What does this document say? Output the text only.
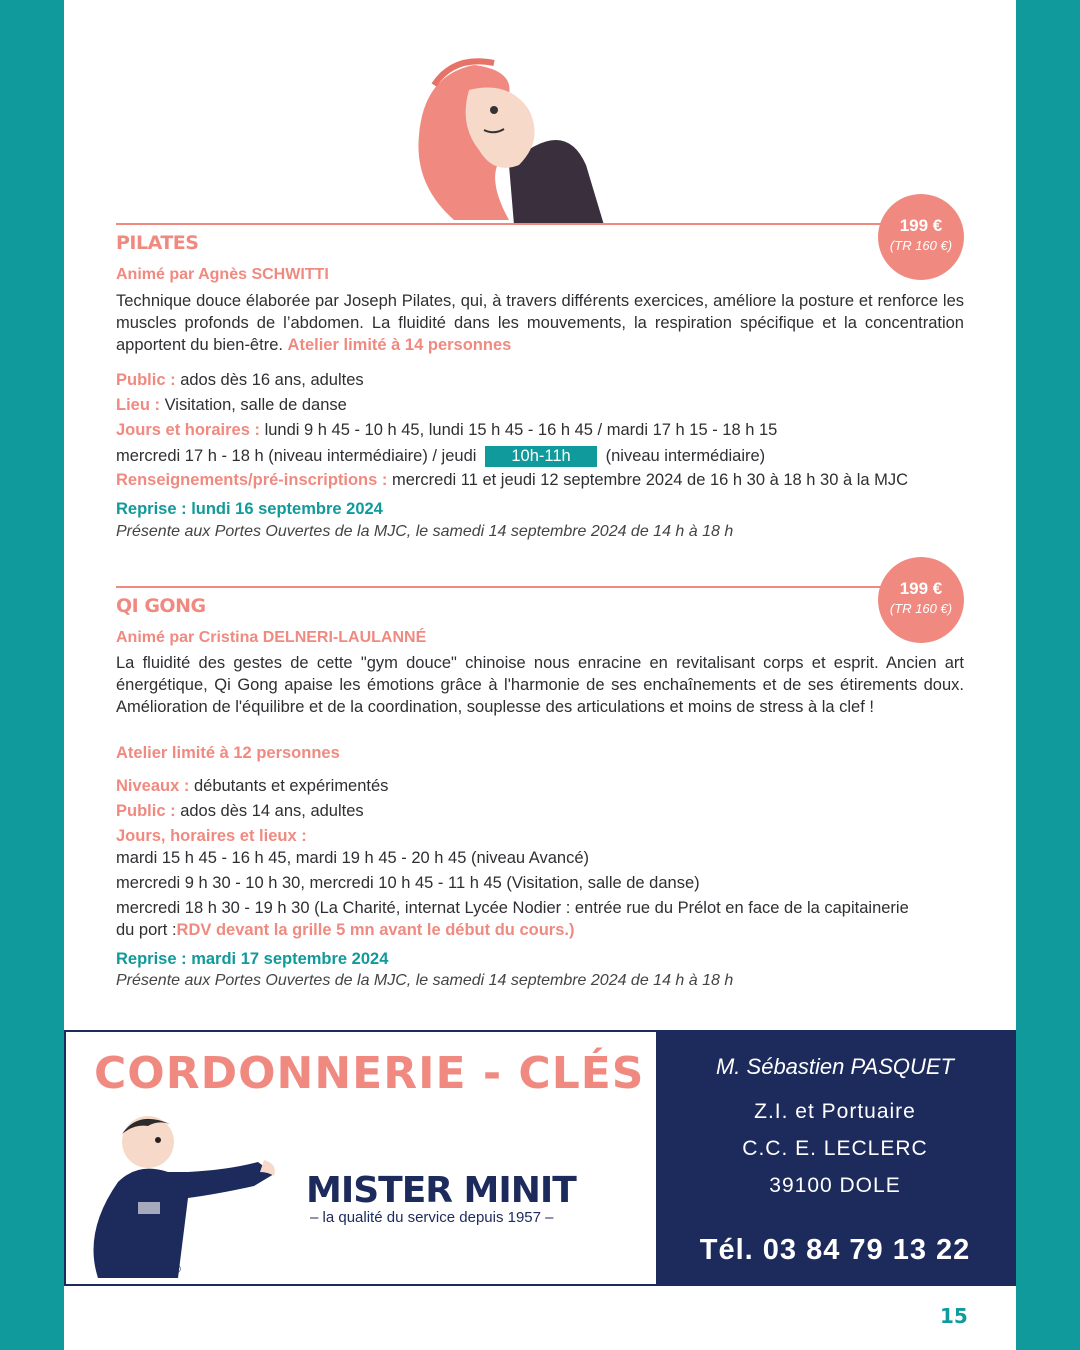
199 €
(TR 160 €)
PILATES
Animé par Agnès SCHWITTI
Technique douce élaborée par Joseph Pilates, qui, à travers différents exercices, améliore la posture et renforce les muscles profonds de l’abdomen. La fluidité dans les mouvements, la respiration spécifique et la concentration apportent du bien-être. Atelier limité à 14 personnes
Public : ados dès 16 ans, adultes
Lieu : Visitation, salle de danse
Jours et horaires : lundi 9 h 45 - 10 h 45, lundi 15 h 45 - 16 h 45 / mardi 17 h 15 - 18 h 15
mercredi 17 h - 18 h (niveau intermédiaire) / jeudi 10h-11h (niveau intermédiaire)
Renseignements/pré-inscriptions : mercredi 11 et jeudi 12 septembre 2024 de 16 h 30 à 18 h 30 à la MJC
Reprise : lundi 16 septembre 2024
Présente aux Portes Ouvertes de la MJC, le samedi 14 septembre 2024 de 14 h à 18 h
199 €
(TR 160 €)
QI GONG
Animé par Cristina DELNERI-LAULANNÉ
La fluidité des gestes de cette "gym douce" chinoise nous enracine en revitalisant corps et esprit. Ancien art énergétique, Qi Gong apaise les émotions grâce à l'harmonie de ses enchaînements et de ses étirements doux. Amélioration de l'équilibre et de la coordination, souplesse des articulations et moins de stress à la clef !
Atelier limité à 12 personnes
Niveaux : débutants et expérimentés
Public : ados dès 14 ans, adultes
Jours, horaires et lieux :
mardi 15 h 45 - 16 h 45, mardi 19 h 45 - 20 h 45 (niveau Avancé)
mercredi 9 h 30 - 10 h 30, mercredi 10 h 45 - 11 h 45 (Visitation, salle de danse)
mercredi 18 h 30 - 19 h 30 (La Charité, internat Lycée Nodier : entrée rue du Prélot en face de la capitainerie
du port :RDV devant la grille 5 mn avant le début du cours.)
Reprise : mardi 17 septembre 2024
Présente aux Portes Ouvertes de la MJC, le samedi 14 septembre 2024 de 14 h à 18 h
CORDONNERIE - CLÉS
MISTER MINIT
– la qualité du service depuis 1957 –
®
M. Sébastien PASQUET
Z.I. et Portuaire
C.C. E. LECLERC
39100 DOLE
Tél. 03 84 79 13 22
15
